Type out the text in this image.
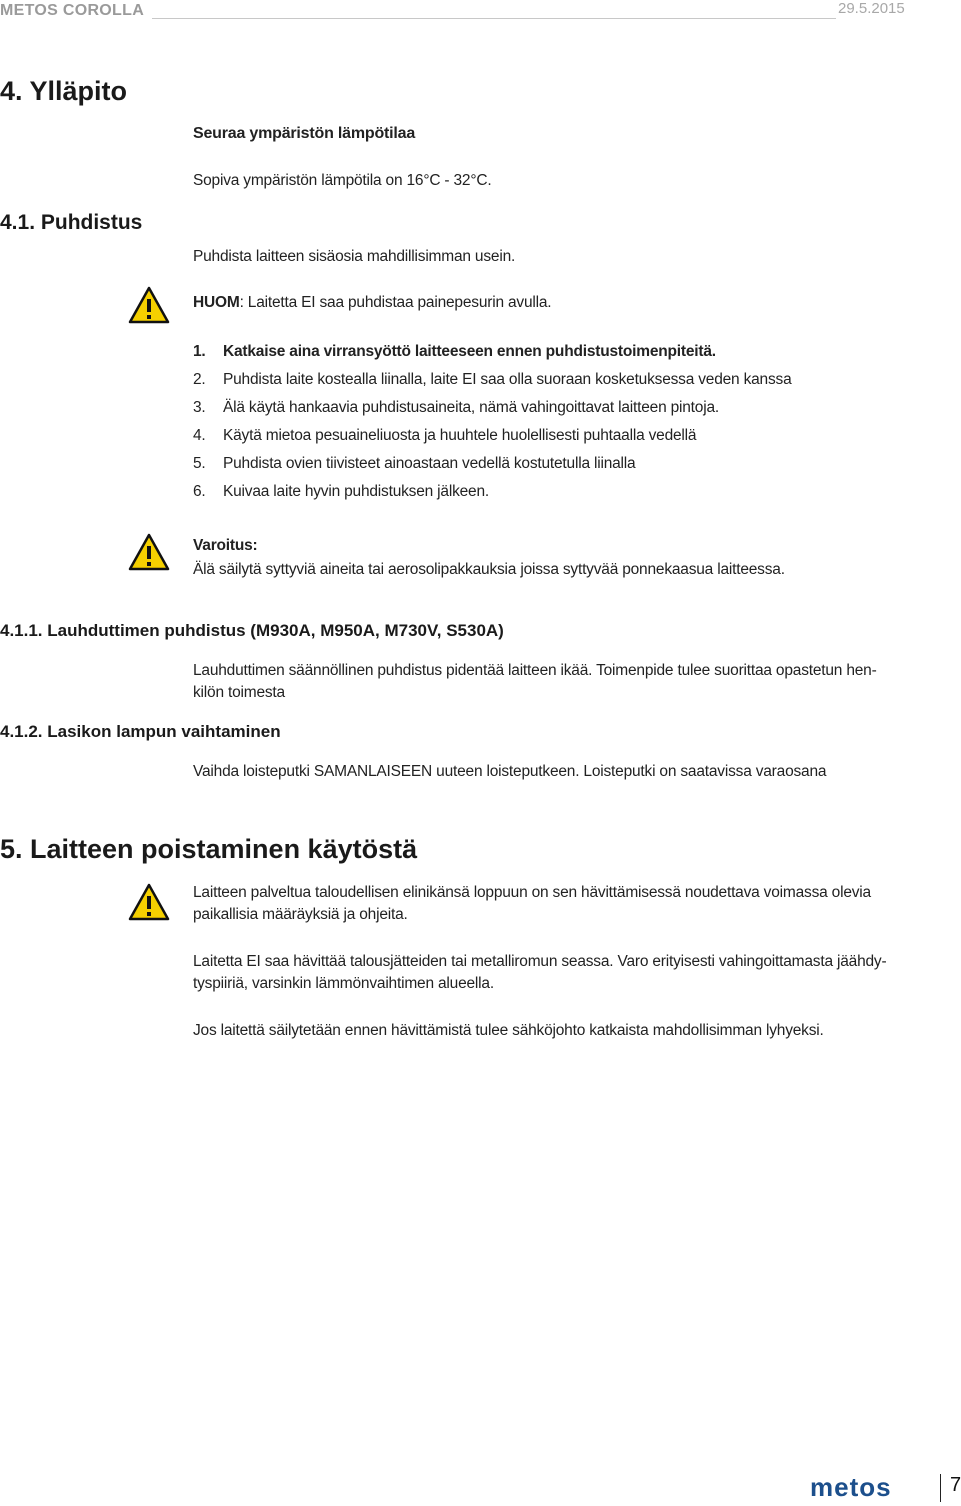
METOS COROLLA	29.5.2015
4. Ylläpito
Seuraa ympäristön lämpötilaa
Sopiva ympäristön lämpötila on 16°C - 32°C.
4.1. Puhdistus
Puhdista laitteen sisäosia mahdillisimman usein.
HUOM: Laitetta EI saa puhdistaa painepesurin avulla.
1. Katkaise aina virransyöttö laitteeseen ennen puhdistustoimenpiteitä.
2. Puhdista laite kostealla liinalla, laite EI saa olla suoraan kosketuksessa veden kanssa
3. Älä käytä hankaavia puhdistusaineita, nämä vahingoittavat laitteen pintoja.
4. Käytä mietoa pesuaineliuosta ja huuhtele huolellisesti puhtaalla vedellä
5. Puhdista ovien tiivisteet ainoastaan vedellä kostutetulla liinalla
6. Kuivaa laite hyvin puhdistuksen jälkeen.
Varoitus:
Älä säilytä syttyviä aineita tai aerosolipakkauksia joissa syttyvää ponnekaasua laitteessa.
4.1.1. Lauhduttimen puhdistus (M930A, M950A, M730V, S530A)
Lauhduttimen säännöllinen puhdistus pidentää laitteen ikää. Toimenpide tulee suorittaa opastetun hen-
kilön toimesta
4.1.2. Lasikon lampun vaihtaminen
Vaihda loisteputki SAMANLAISEEN uuteen loisteputkeen. Loisteputki on saatavissa varaosana
5. Laitteen poistaminen käytöstä
Laitteen palveltua taloudellisen elinikänsä loppuun on sen hävittämisessä noudettava voimassa olevia
paikallisia määräyksiä ja ohjeita.
Laitetta EI saa hävittää talousjätteiden tai metalliromun seassa. Varo erityisesti vahingoittamasta jäähdy-
tyspiiriä, varsinkin lämmönvaihtimen alueella.
Jos laitettä säilytetään ennen hävittämistä tulee sähköjohto katkaista mahdollisimman lyhyeksi.
metos	7
